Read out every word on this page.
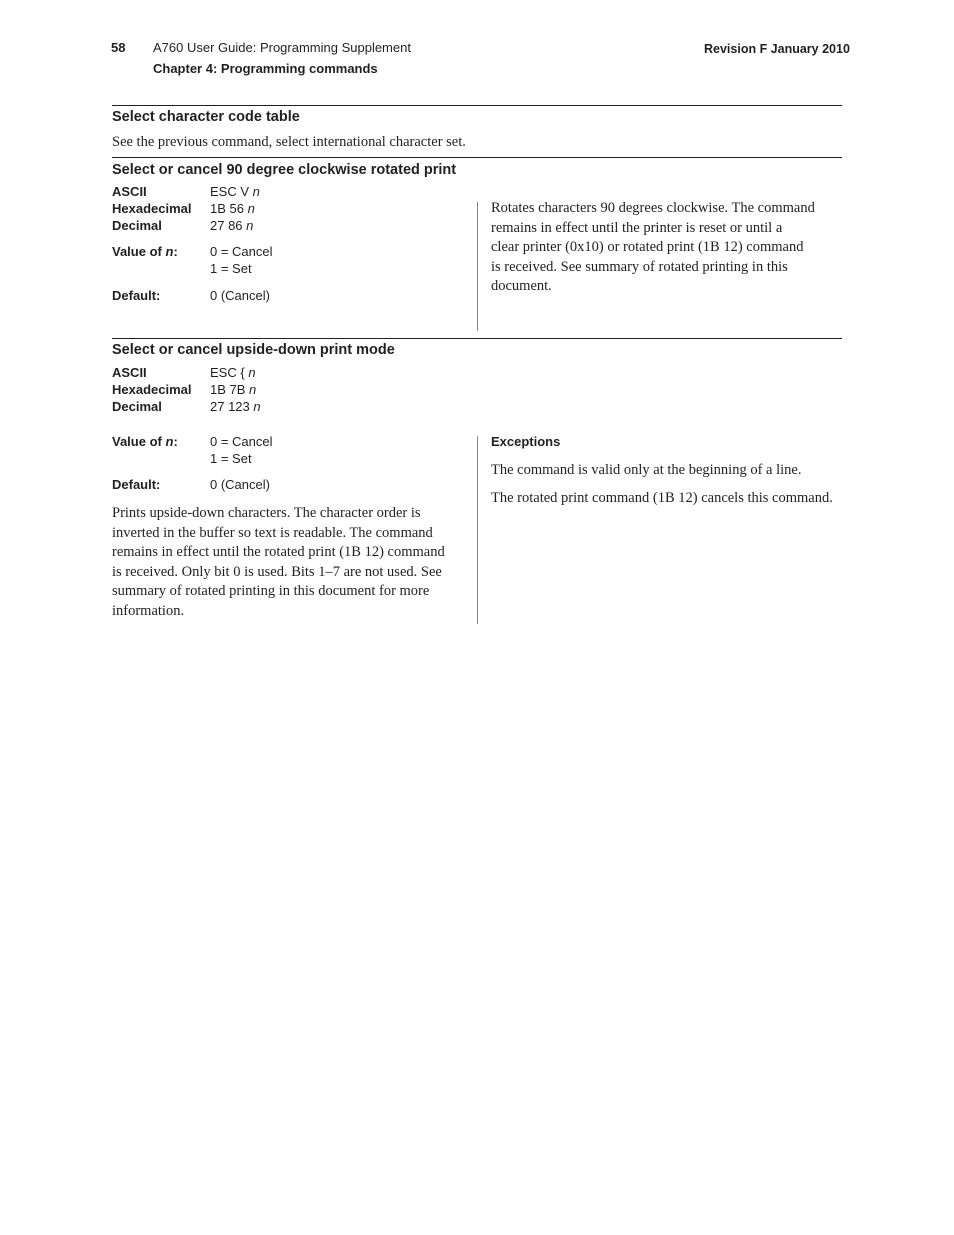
58 A760 User Guide: Programming Supplement
Chapter 4: Programming commands
Revision F January 2010
Select character code table
See the previous command, select international character set.
Select or cancel 90 degree clockwise rotated print
ASCII	ESC V n
Hexadecimal 1B 56 n
Decimal	27 86 n
Value of n: 0 = Cancel
1 = Set
Default:	0 (Cancel)
Rotates characters 90 degrees clockwise. The command
remains in effect until the printer is reset or until a
clear printer (0x10) or rotated print (1B 12) command
is received. See summary of rotated printing in this
document.
Select or cancel upside-down print mode
ASCII	ESC { n
Hexadecimal 1B 7B n
Decimal	27 123 n
Value of n: 0 = Cancel
1 = Set
Default:	0 (Cancel)
Prints upside-down characters. The character order is
inverted in the buffer so text is readable. The command
remains in effect until the rotated print (1B 12) command
is received. Only bit 0 is used. Bits 1–7 are not used. See
summary of rotated printing in this document for more
information.
Exceptions
The command is valid only at the beginning of a line.
The rotated print command (1B 12) cancels this command.
